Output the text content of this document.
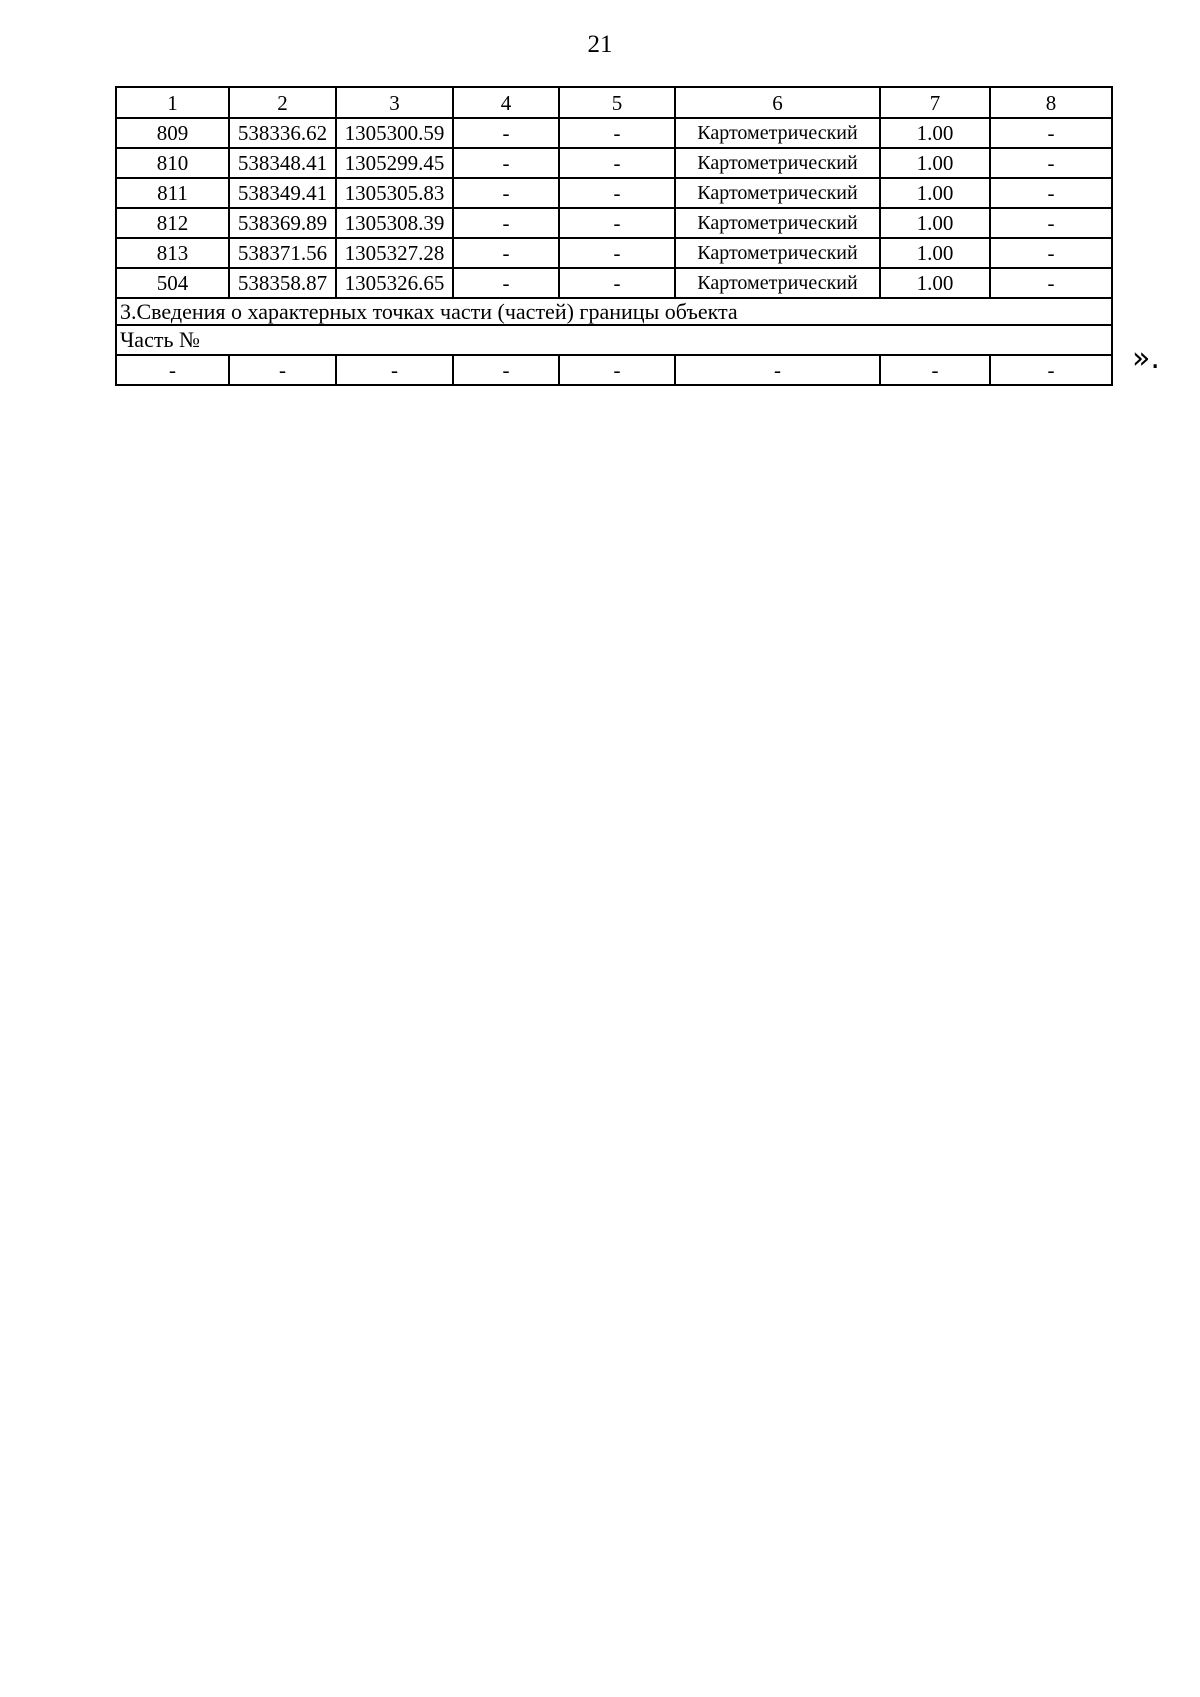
21
1	2	3	4	5	6	7	8
809	538336.62	1305300.59	-	-	Картометрический	1.00	-
810	538348.41	1305299.45	-	-	Картометрический	1.00	-
811	538349.41	1305305.83	-	-	Картометрический	1.00	-
812	538369.89	1305308.39	-	-	Картометрический	1.00	-
813	538371.56	1305327.28	-	-	Картометрический	1.00	-
504	538358.87	1305326.65	-	-	Картометрический	1.00	-
3.Сведения о характерных точках части (частей) границы объекта							
Часть №							
-	-	-	-	-	-	-	-	».
